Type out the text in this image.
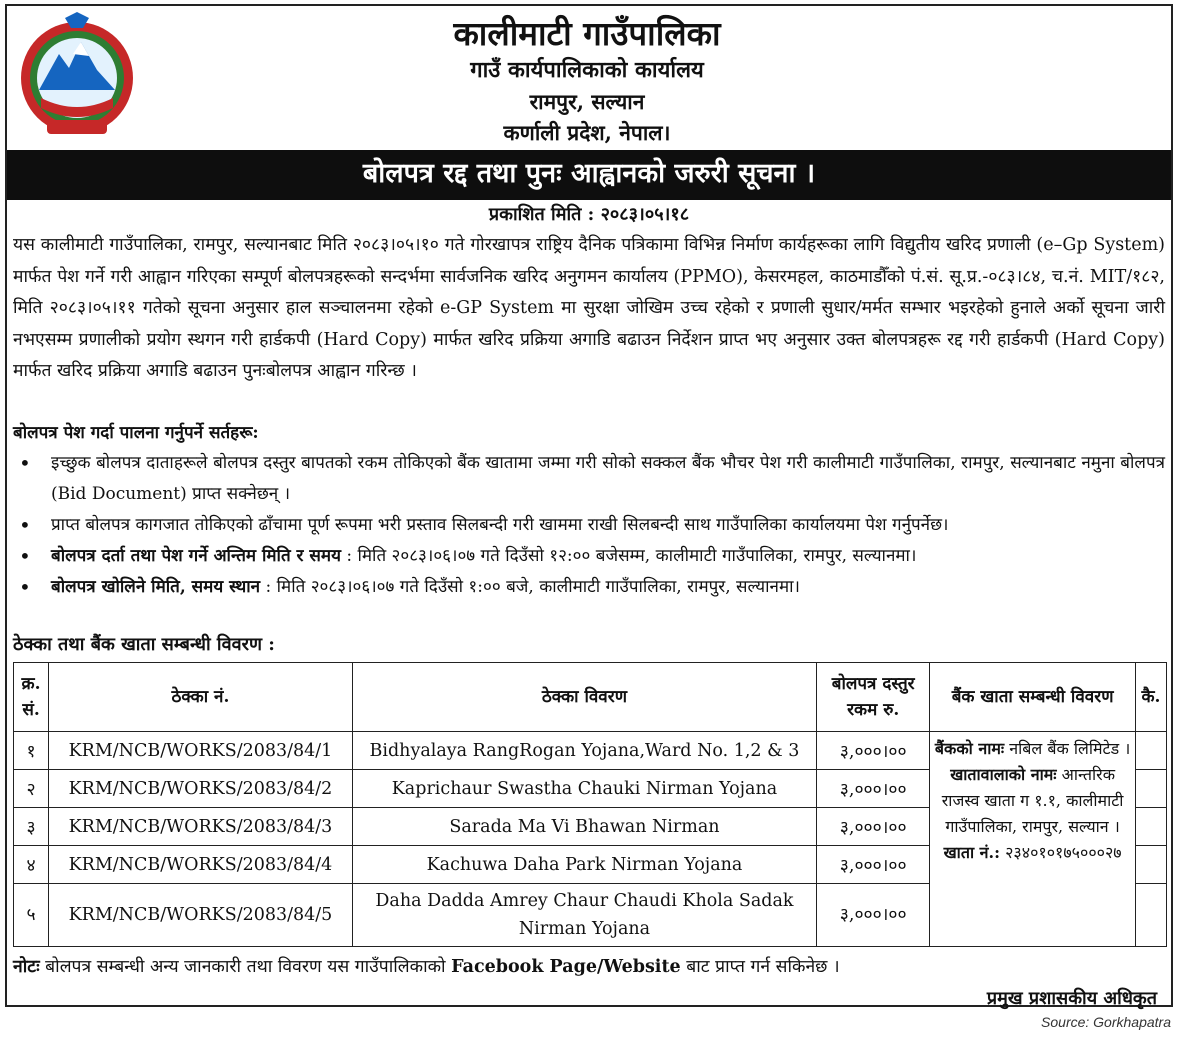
कालीमाटी गाउँपालिका
गाउँ कार्यपालिकाको कार्यालय
रामपुर, सल्यान
कर्णाली प्रदेश, नेपाल।
बोलपत्र रद्द तथा पुनः आह्वानको जरुरी सूचना ।
प्रकाशित मिति : २०८३।०५।१८
यस कालीमाटी गाउँपालिका, रामपुर, सल्यानबाट मिति २०८३।०५।१० गते गोरखापत्र राष्ट्रिय दैनिक पत्रिकामा विभिन्न निर्माण कार्यहरूका लागि विद्युतीय खरिद प्रणाली (e–Gp System) मार्फत पेश गर्ने गरी आह्वान गरिएका सम्पूर्ण बोलपत्रहरूको सन्दर्भमा सार्वजनिक खरिद अनुगमन कार्यालय (PPMO), केसरमहल, काठमाडौँको पं.सं. सू.प्र.-०८३।८४, च.नं. MIT/१८२, मिति २०८३।०५।११ गतेको सूचना अनुसार हाल सञ्चालनमा रहेको e-GP System मा सुरक्षा जोखिम उच्च रहेको र प्रणाली सुधार/मर्मत सम्भार भइरहेको हुनाले अर्को सूचना जारी नभएसम्म प्रणालीको प्रयोग स्थगन गरी हार्डकपी (Hard Copy) मार्फत खरिद प्रक्रिया अगाडि बढाउन निर्देशन प्राप्त भए अनुसार उक्त बोलपत्रहरू रद्द गरी हार्डकपी (Hard Copy) मार्फत खरिद प्रक्रिया अगाडि बढाउन पुनःबोलपत्र आह्वान गरिन्छ ।
बोलपत्र पेश गर्दा पालना गर्नुपर्ने सर्तहरू:
• इच्छुक बोलपत्र दाताहरूले बोलपत्र दस्तुर बापतको रकम तोकिएको बैंक खातामा जम्मा गरी सोको सक्कल बैंक भौचर पेश गरी कालीमाटी गाउँपालिका, रामपुर, सल्यानबाट नमुना बोलपत्र (Bid Document) प्राप्त सक्नेछन् ।
• प्राप्त बोलपत्र कागजात तोकिएको ढाँचामा पूर्ण रूपमा भरी प्रस्ताव सिलबन्दी गरी खाममा राखी सिलबन्दी साथ गाउँपालिका कार्यालयमा पेश गर्नुपर्नेछ।
• बोलपत्र दर्ता तथा पेश गर्ने अन्तिम मिति र समय : मिति २०८३।०६।०७ गते दिउँसो १२:०० बजेसम्म, कालीमाटी गाउँपालिका, रामपुर, सल्यानमा।
• बोलपत्र खोलिने मिति, समय स्थान : मिति २०८३।०६।०७ गते दिउँसो १:०० बजे, कालीमाटी गाउँपालिका, रामपुर, सल्यानमा।
ठेक्का तथा बैंक खाता सम्बन्धी विवरण :
क्र. सं.	ठेक्का नं.	ठेक्का विवरण	बोलपत्र दस्तुर रकम रु.	बैंक खाता सम्बन्धी विवरण	कै.
१	KRM/NCB/WORKS/2083/84/1	Bidhyalaya RangRogan Yojana,Ward No. 1,2 & 3	३,०००।००	बैंकको नामः नबिल बैंक लिमिटेड । खातावालाको नामः आन्तरिक राजस्व खाता ग १.१, कालीमाटी गाउँपालिका, रामपुर, सल्यान । खाता नं.: २३४०१०१७५०००२७	
२	KRM/NCB/WORKS/2083/84/2	Kaprichaur Swastha Chauki Nirman Yojana	३,०००।००		
३	KRM/NCB/WORKS/2083/84/3	Sarada Ma Vi Bhawan Nirman	३,०००।००		
४	KRM/NCB/WORKS/2083/84/4	Kachuwa Daha Park Nirman Yojana	३,०००।००		
५	KRM/NCB/WORKS/2083/84/5	Daha Dadda Amrey Chaur Chaudi Khola Sadak Nirman Yojana	३,०००।००		
नोटः बोलपत्र सम्बन्धी अन्य जानकारी तथा विवरण यस गाउँपालिकाको Facebook Page/Website बाट प्राप्त गर्न सकिनेछ ।
प्रमुख प्रशासकीय अधिकृत
Source: Gorkhapatra
